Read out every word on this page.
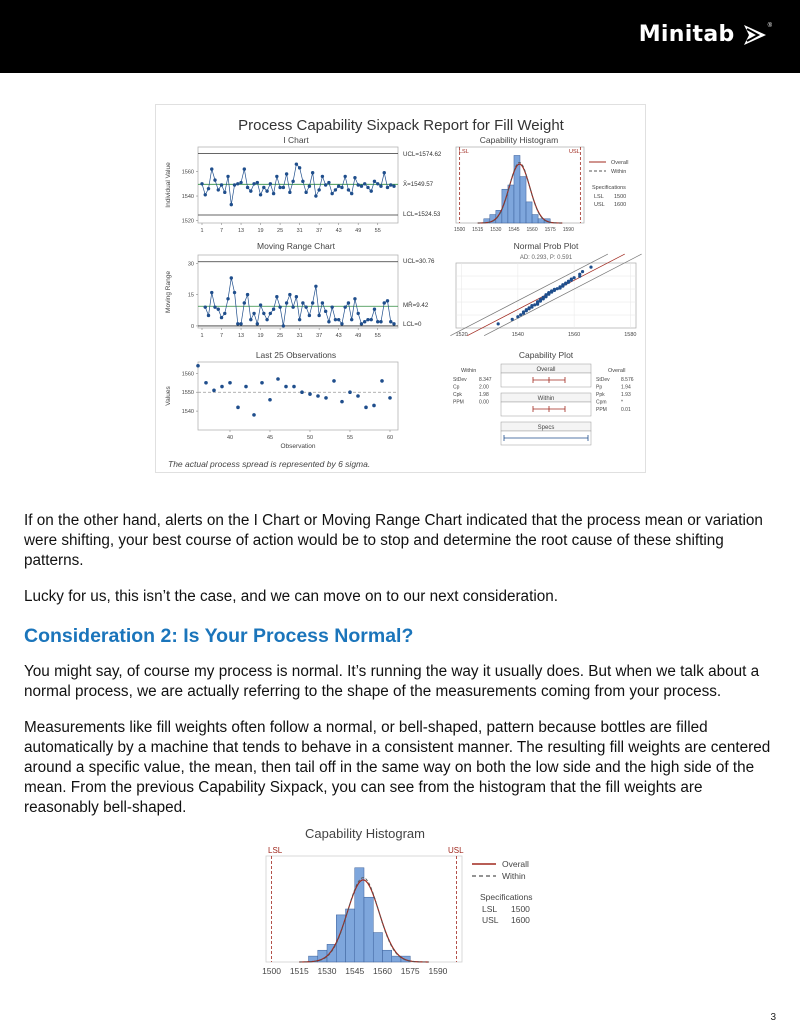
Minitab	®
Process Capability Sixpack Report for Fill Weight
I Chart
Individual Value
1520
1540
1560
1	7	13 19 25 31 37 43 49 55
UCL=1574.62
X̄=1549.57
LCL=1524.53
Moving Range Chart
Moving Range
0
15
30
1	7	13 19 25 31 37 43 49 55
UCL=30.76
MR̄=9.42
LCL=0
Last 25 Observations
Values
1540
1550
1560
40	45	50	55	60
Observation
Capability Histogram
1500 1515 1530 1545 1560 1575 1590
LSL	USL
Overall
Within
Specifications
LSL 1500
USL 1600
Normal Prob Plot
AD: 0.293, P: 0.591
1520	1540	1560	1580
Capability Plot
Within	Overall
StDev 8.347
Cp	2.00
Cpk	1.98
PPM	0.00
StDev 8.576
Pp	1.94
Ppk	1.93
Cpm	*
PPM	0.01
Overall
Within
Specs
The actual process spread is represented by 6 sigma.

If on the other hand, alerts on the I Chart or Moving Range Chart indicated that the process mean or variation were shifting, your best course of action would be to stop and determine the root cause of these shifting patterns.

Lucky for us, this isn’t the case, and we can move on to our next consideration.

Consideration 2: Is Your Process Normal?

You might say, of course my process is normal. It’s running the way it usually does. But when we talk about a normal process, we are actually referring to the shape of the measurements coming from your process.

Measurements like fill weights often follow a normal, or bell-shaped, pattern because bottles are filled automatically by a machine that tends to behave in a consistent manner. The resulting fill weights are centered around a specific value, the mean, then tail off in the same way on both the low side and the high side of the mean. From the previous Capability Sixpack, you can see from the histogram that the fill weights are reasonably bell-shaped.

Capability Histogram
LSL	USL
1500 1515 1530 1545 1560 1575 1590
Overall
Within
Specifications
LSL 1500
USL 1600
3
